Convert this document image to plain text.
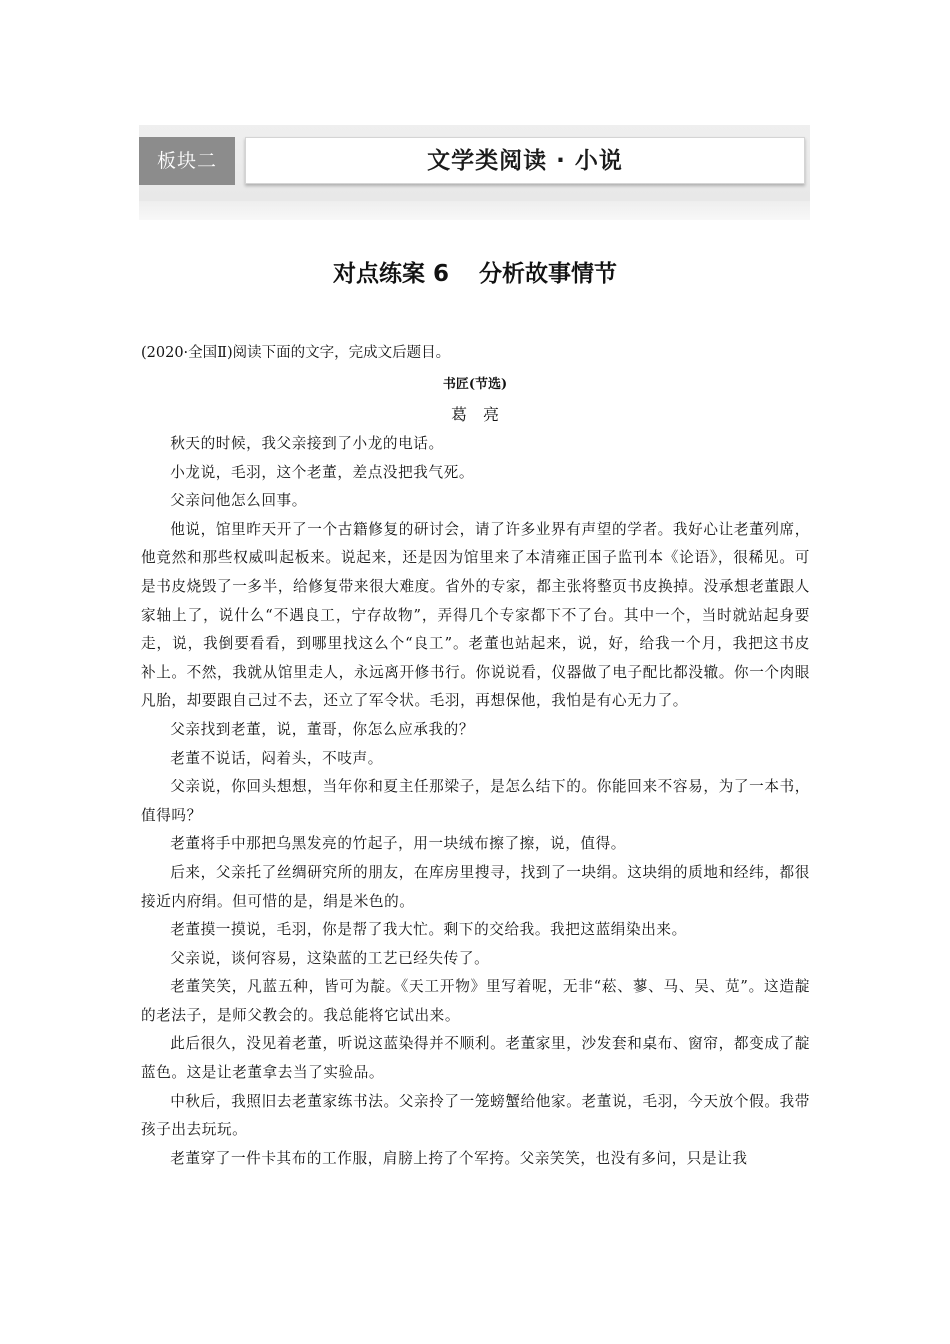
板块二	文学类阅读 · 小说
对点练案 6 分析故事情节
(2020·全国Ⅱ)阅读下面的文字，完成文后题目。
书匠(节选)
葛亮

秋天的时候，我父亲接到了小龙的电话。

小龙说，毛羽，这个老董，差点没把我气死。

父亲问他怎么回事。

他说，馆里昨天开了一个古籍修复的研讨会，请了许多业界有声望的学者。我好心让老董列席，他竟然和那些权威叫起板来。说起来，还是因为馆里来了本清雍正国子监刊本《论语》，很稀见。可是书皮烧毁了一多半，给修复带来很大难度。省外的专家，都主张将整页书皮换掉。没承想老董跟人家轴上了，说什么“不遇良工，宁存故物”，弄得几个专家都下不了台。其中一个，当时就站起身要走，说，我倒要看看，到哪里找这么个“良工”。老董也站起来，说，好，给我一个月，我把这书皮补上。不然，我就从馆里走人，永远离开修书行。你说说看，仪器做了电子配比都没辙。你一个肉眼凡胎，却要跟自己过不去，还立了军令状。毛羽，再想保他，我怕是有心无力了。

父亲找到老董，说，董哥，你怎么应承我的？

老董不说话，闷着头，不吱声。

父亲说，你回头想想，当年你和夏主任那梁子，是怎么结下的。你能回来不容易，为了一本书，值得吗？

老董将手中那把乌黑发亮的竹起子，用一块绒布擦了擦，说，值得。

后来，父亲托了丝绸研究所的朋友，在库房里搜寻，找到了一块绢。这块绢的质地和经纬，都很接近内府绢。但可惜的是，绢是米色的。

老董摸一摸说，毛羽，你是帮了我大忙。剩下的交给我。我把这蓝绢染出来。

父亲说，谈何容易，这染蓝的工艺已经失传了。

老董笑笑，凡蓝五种，皆可为靛。《天工开物》里写着呢，无非“菘、蓼、马、吴、苋”。这造靛的老法子，是师父教会的。我总能将它试出来。

此后很久，没见着老董，听说这蓝染得并不顺利。老董家里，沙发套和桌布、窗帘，都变成了靛蓝色。这是让老董拿去当了实验品。

中秋后，我照旧去老董家练书法。父亲拎了一笼螃蟹给他家。老董说，毛羽，今天放个假。我带孩子出去玩玩。

老董穿了一件卡其布的工作服，肩膀上挎了个军挎。父亲笑笑，也没有多问，只是让我
